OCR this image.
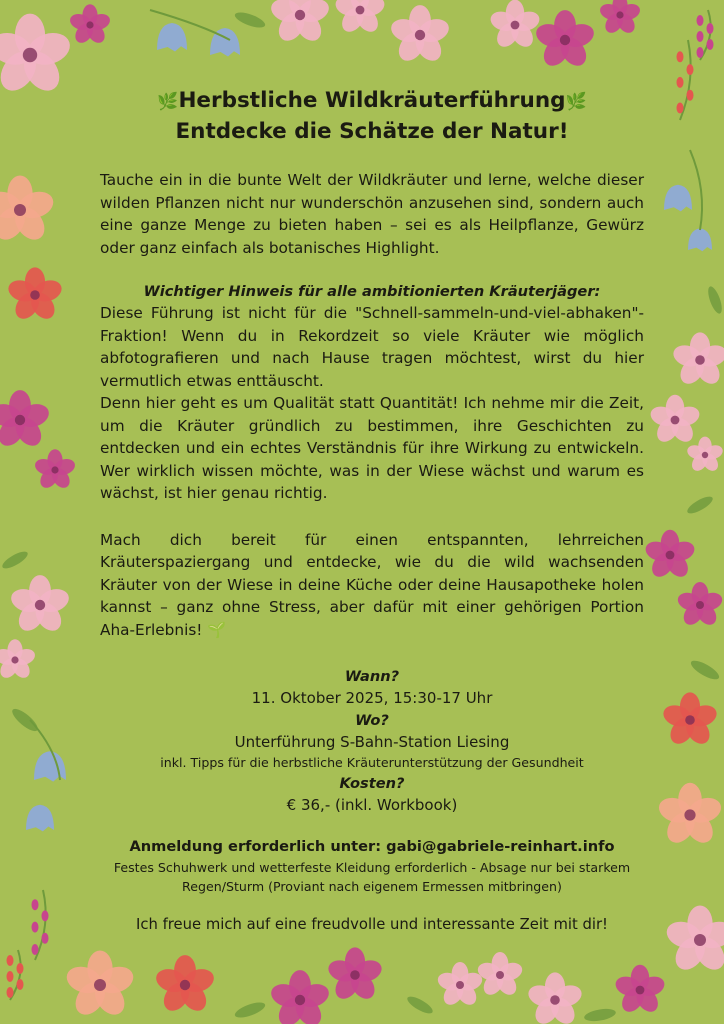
🌿Herbstliche Wildkräuterführung🌿
Entdecke die Schätze der Natur!

Tauche ein in die bunte Welt der Wildkräuter und lerne, welche dieser wilden Pflanzen nicht nur wunderschön anzusehen sind, sondern auch eine ganze Menge zu bieten haben – sei es als Heilpflanze, Gewürz oder ganz einfach als botanisches Highlight.

Wichtiger Hinweis für alle ambitionierten Kräuterjäger:

Diese Führung ist nicht für die "Schnell-sammeln-und-viel-abhaken"-Fraktion! Wenn du in Rekordzeit so viele Kräuter wie möglich abfotografieren und nach Hause tragen möchtest, wirst du hier vermutlich etwas enttäuscht.

Denn hier geht es um Qualität statt Quantität! Ich nehme mir die Zeit, um die Kräuter gründlich zu bestimmen, ihre Geschichten zu entdecken und ein echtes Verständnis für ihre Wirkung zu entwickeln. Wer wirklich wissen möchte, was in der Wiese wächst und warum es wächst, ist hier genau richtig.

Mach dich bereit für einen entspannten, lehrreichen Kräuterspaziergang und entdecke, wie du die wild wachsenden Kräuter von der Wiese in deine Küche oder deine Hausapotheke holen kannst – ganz ohne Stress, aber dafür mit einer gehörigen Portion Aha-Erlebnis! 🌱

Wann?
11. Oktober 2025, 15:30-17 Uhr
Wo?
Unterführung S-Bahn-Station Liesing
inkl. Tipps für die herbstliche Kräuterunterstützung der Gesundheit
Kosten?
€ 36,- (inkl. Workbook)
Anmeldung erforderlich unter: gabi@gabriele-reinhart.info
Festes Schuhwerk und wetterfeste Kleidung erforderlich - Absage nur bei starkem
Regen/Sturm (Proviant nach eigenem Ermessen mitbringen)
Ich freue mich auf eine freudvolle und interessante Zeit mit dir!
